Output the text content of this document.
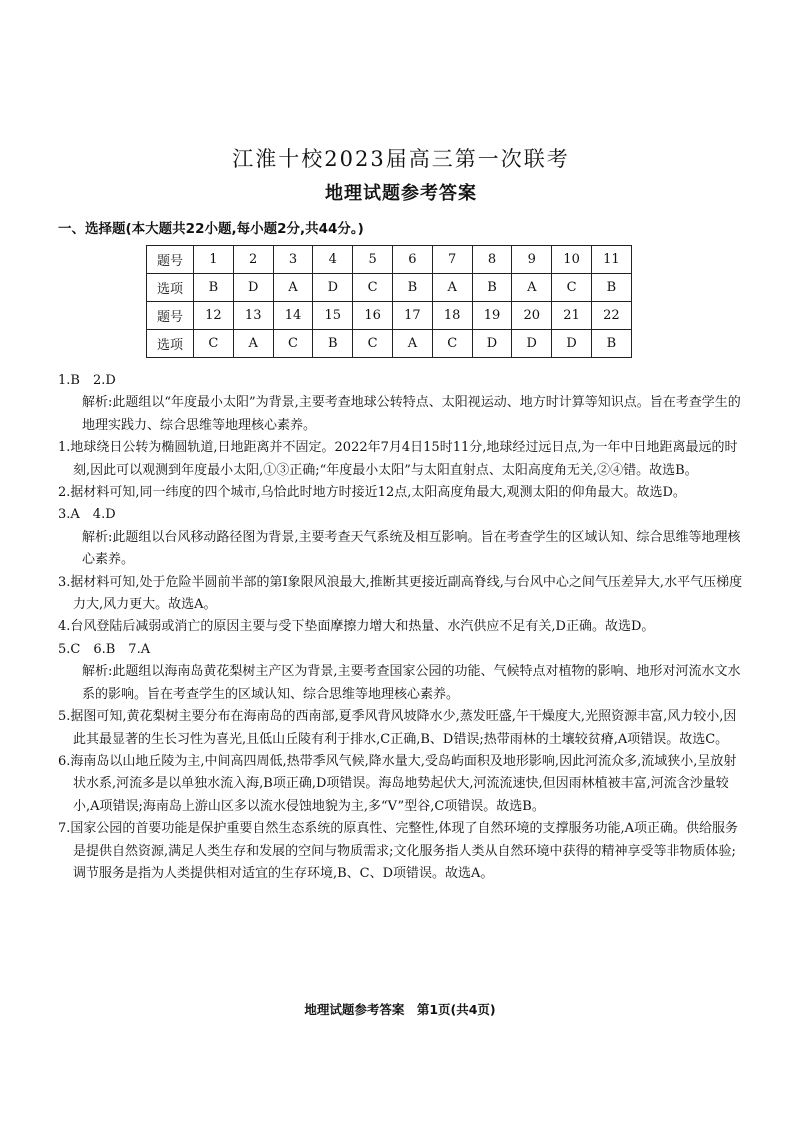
江淮十校2023届高三第一次联考
地理试题参考答案
一、选择题(本大题共22小题,每小题2分,共44分。)
题号	1	2	3	4	5	6	7	8	9	10	11
选项	B	D	A	D	C	B	A	B	A	C	B
题号	12	13	14	15	16	17	18	19	20	21	22
选项	C	A	C	B	C	A	C	D	D	D	B

1.B　2.D

解析:此题组以“年度最小太阳”为背景,主要考查地球公转特点、太阳视运动、地方时计算等知识点。旨在考查学生的地理实践力、综合思维等地理核心素养。

1.地球绕日公转为椭圆轨道,日地距离并不固定。2022年7月4日15时11分,地球经过远日点,为一年中日地距离最远的时刻,因此可以观测到年度最小太阳,①③正确;“年度最小太阳”与太阳直射点、太阳高度角无关,②④错。故选B。

2.据材料可知,同一纬度的四个城市,乌恰此时地方时接近12点,太阳高度角最大,观测太阳的仰角最大。故选D。

3.A　4.D

解析:此题组以台风移动路径图为背景,主要考查天气系统及相互影响。旨在考查学生的区域认知、综合思维等地理核心素养。

3.据材料可知,处于危险半圆前半部的第Ⅰ象限风浪最大,推断其更接近副高脊线,与台风中心之间气压差异大,水平气压梯度力大,风力更大。故选A。

4.台风登陆后减弱或消亡的原因主要与受下垫面摩擦力增大和热量、水汽供应不足有关,D正确。故选D。

5.C　6.B　7.A

解析:此题组以海南岛黄花梨树主产区为背景,主要考查国家公园的功能、气候特点对植物的影响、地形对河流水文水系的影响。旨在考查学生的区域认知、综合思维等地理核心素养。

5.据图可知,黄花梨树主要分布在海南岛的西南部,夏季风背风坡降水少,蒸发旺盛,午干燥度大,光照资源丰富,风力较小,因此其最显著的生长习性为喜光,且低山丘陵有利于排水,C正确,B、D错误;热带雨林的土壤较贫瘠,A项错误。故选C。

6.海南岛以山地丘陵为主,中间高四周低,热带季风气候,降水量大,受岛屿面积及地形影响,因此河流众多,流域狭小,呈放射状水系,河流多是以单独水流入海,B项正确,D项错误。海岛地势起伏大,河流流速快,但因雨林植被丰富,河流含沙量较小,A项错误;海南岛上游山区多以流水侵蚀地貌为主,多“V”型谷,C项错误。故选B。

7.国家公园的首要功能是保护重要自然生态系统的原真性、完整性,体现了自然环境的支撑服务功能,A项正确。供给服务是提供自然资源,满足人类生存和发展的空间与物质需求;文化服务指人类从自然环境中获得的精神享受等非物质体验;调节服务是指为人类提供相对适宜的生存环境,B、C、D项错误。故选A。

地理试题参考答案　第1页(共4页)
